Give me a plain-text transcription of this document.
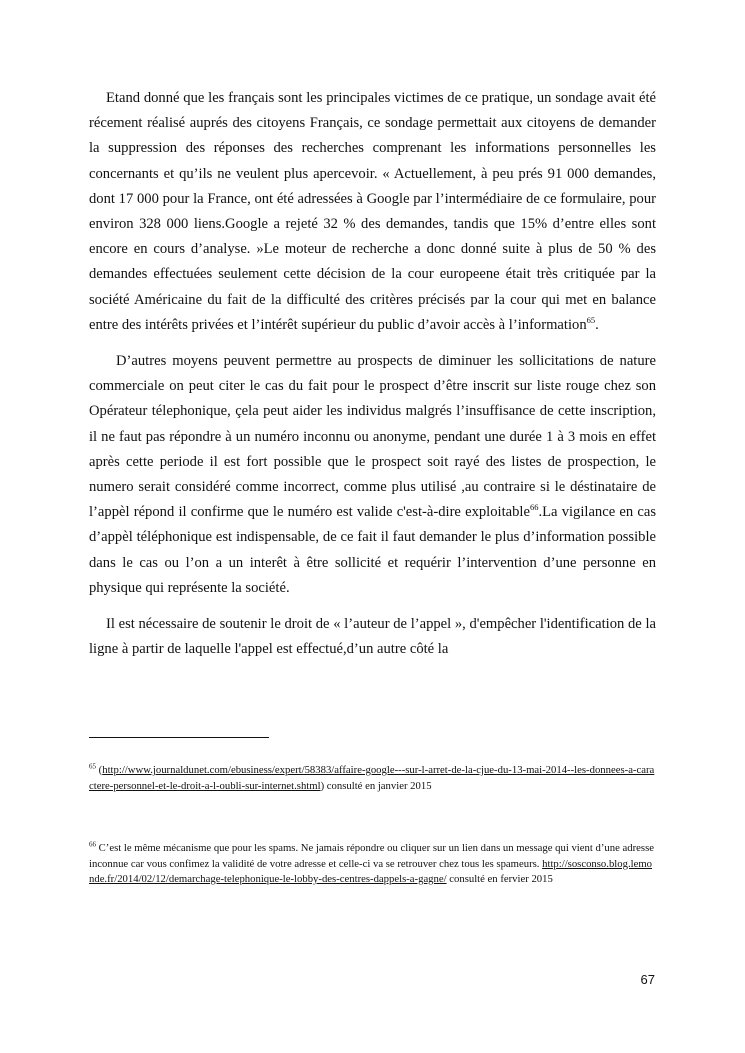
Etand donné que les français sont les principales victimes de ce pratique, un sondage avait été récement réalisé auprés des citoyens Français, ce sondage permettait aux citoyens de demander la suppression des réponses des recherches comprenant les informations personnelles les concernants et qu’ils ne veulent plus apercevoir. « Actuellement, à peu prés 91 000 demandes, dont 17 000 pour la France, ont été adressées à Google par l’intermédiaire de ce formulaire, pour environ 328 000 liens.Google a rejeté 32 % des demandes, tandis que 15% d’entre elles sont encore en cours d’analyse. »Le moteur de recherche a donc donné suite à plus de 50 % des demandes effectuées seulement cette décision de la cour europeene était très critiquée par la société Américaine du fait de la difficulté des critères précisés par la cour qui met en balance entre des intérêts privées et l’intérêt supérieur du public d’avoir accès à l’information$^{65}$.

D’autres moyens peuvent permettre au prospects de diminuer les sollicitations de nature commerciale on peut citer le cas du fait pour le prospect d’être inscrit sur liste rouge chez son Opérateur télephonique, çela peut aider les individus malgrés l’insuffisance de cette inscription, il ne faut pas répondre à un numéro inconnu ou anonyme, pendant une durée 1 à 3 mois en effet après cette periode il est fort possible que le prospect soit rayé des listes de prospection, le numero serait considéré comme incorrect, comme plus utilisé ,au contraire si le déstinataire de l’appèl répond il confirme que le numéro est valide c'est-à-dire exploitable$^{66}$.La vigilance en cas d’appèl téléphonique est indispensable, de ce fait il faut demander le plus d’information possible dans le cas ou l’on a un interêt à être sollicité et requérir l’intervention d’une personne en physique qui représente la société.

Il est nécessaire de soutenir le droit de « l’auteur de l’appel », d'empêcher l'identification de la ligne à partir de laquelle l'appel est effectué,d’un autre côté la

$^{65}$ (http://www.journaldunet.com/ebusiness/expert/58383/affaire-google---sur-l-arret-de-la-cjue-du-13-mai-2014--les-donnees-a-caractere-personnel-et-le-droit-a-l-oubli-sur-internet.shtml) consulté en janvier 2015
$^{66}$ C’est le même mécanisme que pour les spams. Ne jamais répondre ou cliquer sur un lien dans un message qui vient d’une adresse inconnue car vous confimez la validité de votre adresse et celle-ci va se retrouver chez tous les spameurs. http://sosconso.blog.lemonde.fr/2014/02/12/demarchage-telephonique-le-lobby-des-centres-dappels-a-gagne/ consulté en fervier 2015
67
